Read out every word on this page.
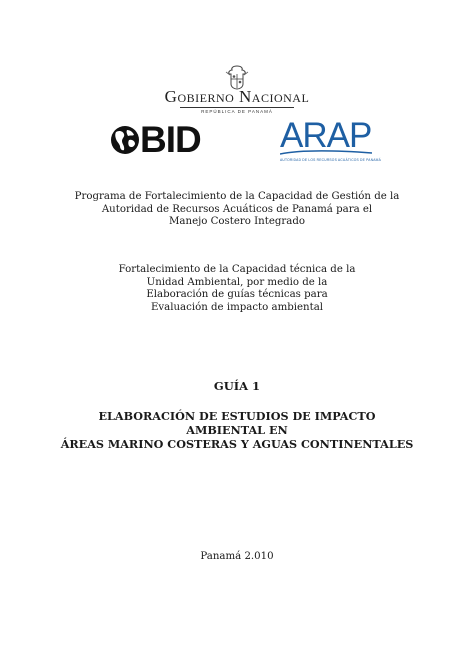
Gobierno Nacional
REPÚBLICA DE PANAMÁ
BID ARAP
AUTORIDAD DE LOS RECURSOS ACUÁTICOS DE PANAMÁ
Programa de Fortalecimiento de la Capacidad de Gestión de la
Autoridad de Recursos Acuáticos de Panamá para el
Manejo Costero Integrado
Fortalecimiento de la Capacidad técnica de la
Unidad Ambiental, por medio de la
Elaboración de guías técnicas para
Evaluación de impacto ambiental
GUÍA 1
ELABORACIÓN DE ESTUDIOS DE IMPACTO AMBIENTAL EN
ÁREAS MARINO COSTERAS Y AGUAS CONTINENTALES
Panamá 2.010
